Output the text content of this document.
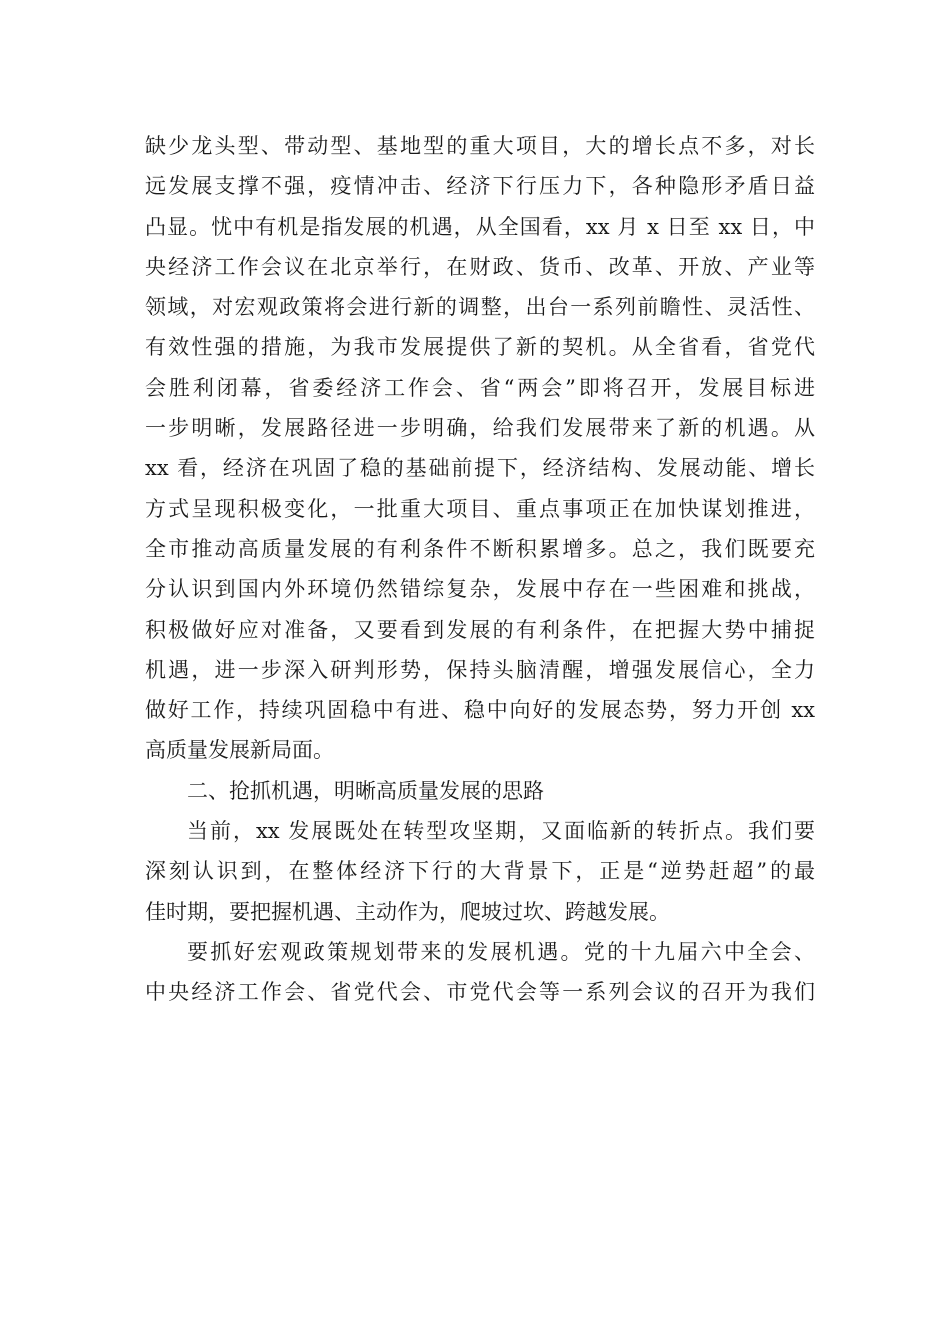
缺少龙头型、带动型、基地型的重大项目，大的增长点不多，对长
远发展支撑不强，疫情冲击、经济下行压力下，各种隐形矛盾日益
凸显。忧中有机是指发展的机遇，从全国看，xx 月 x 日至 xx 日，中
央经济工作会议在北京举行，在财政、货币、改革、开放、产业等
领域，对宏观政策将会进行新的调整，出台一系列前瞻性、灵活性、
有效性强的措施，为我市发展提供了新的契机。从全省看，省党代
会胜利闭幕，省委经济工作会、省“两会”即将召开，发展目标进
一步明晰，发展路径进一步明确，给我们发展带来了新的机遇。从
xx 看，经济在巩固了稳的基础前提下，经济结构、发展动能、增长
方式呈现积极变化，一批重大项目、重点事项正在加快谋划推进，
全市推动高质量发展的有利条件不断积累增多。总之，我们既要充
分认识到国内外环境仍然错综复杂，发展中存在一些困难和挑战，
积极做好应对准备，又要看到发展的有利条件，在把握大势中捕捉
机遇，进一步深入研判形势，保持头脑清醒，增强发展信心，全力
做好工作，持续巩固稳中有进、稳中向好的发展态势，努力开创 xx
高质量发展新局面。
二、抢抓机遇，明晰高质量发展的思路
当前，xx 发展既处在转型攻坚期，又面临新的转折点。我们要
深刻认识到，在整体经济下行的大背景下，正是“逆势赶超”的最
佳时期，要把握机遇、主动作为，爬坡过坎、跨越发展。
要抓好宏观政策规划带来的发展机遇。党的十九届六中全会、
中央经济工作会、省党代会、市党代会等一系列会议的召开为我们
